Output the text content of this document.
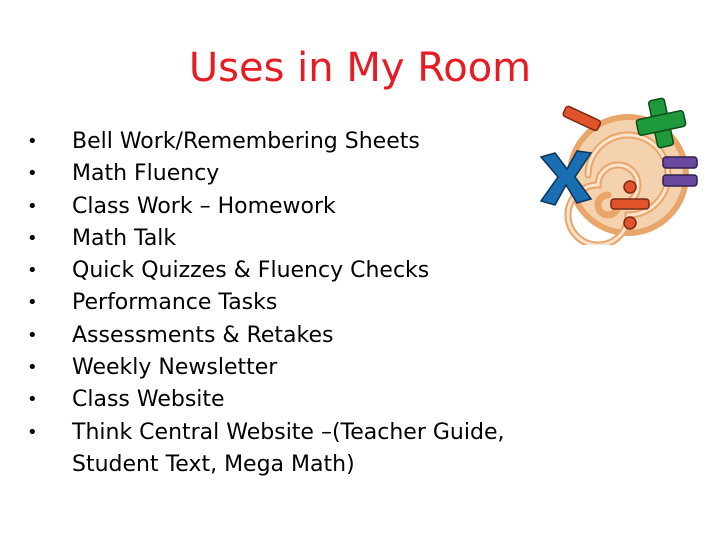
Uses in My Room
• Bell Work/Remembering Sheets
• Math Fluency
• Class Work – Homework
• Math Talk
• Quick Quizzes & Fluency Checks
• Performance Tasks
• Assessments & Retakes
• Weekly Newsletter
• Class Website
• Think Central Website –(Teacher Guide,
Student Text, Mega Math)
